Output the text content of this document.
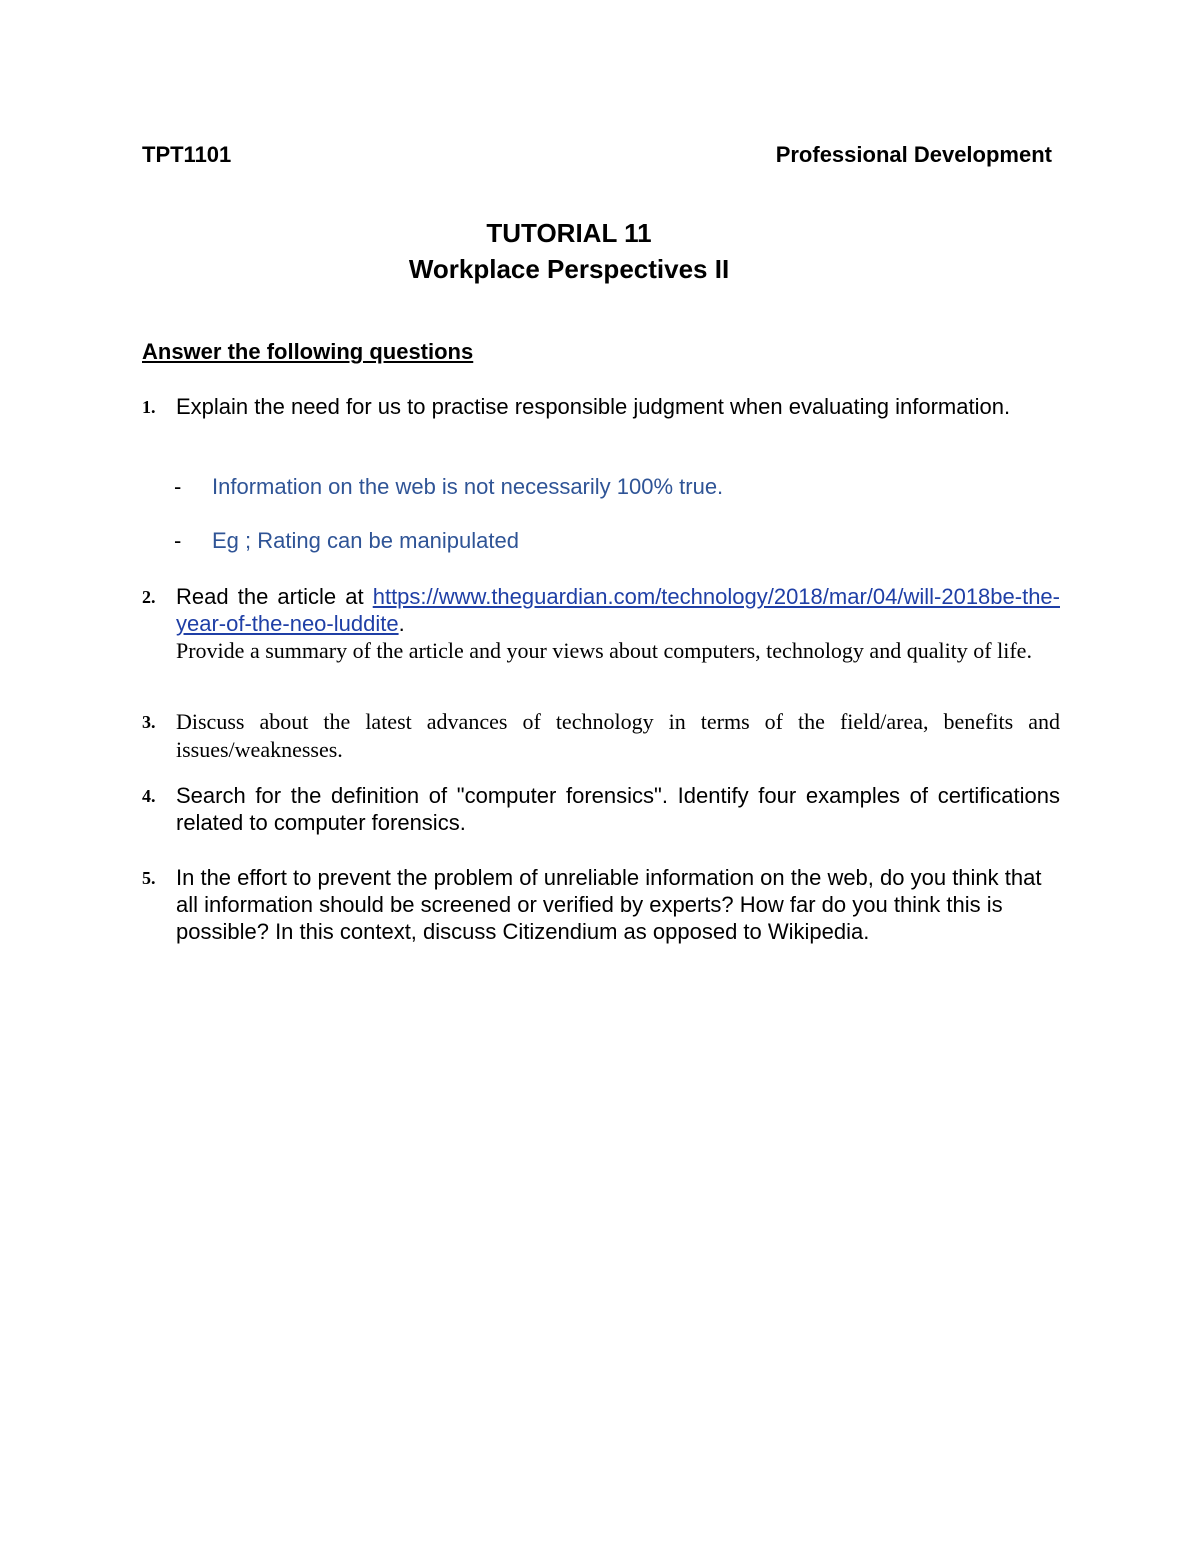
TPT1101	Professional Development
TUTORIAL 11
Workplace Perspectives II
Answer the following questions
1. Explain the need for us to practise responsible judgment when evaluating information.
- Information on the web is not necessarily 100% true.
- Eg ; Rating can be manipulated
2. Read the article at https://www.theguardian.com/technology/2018/mar/04/will-2018be-the-year-of-the-neo-luddite.
Provide a summary of the article and your views about computers, technology and quality of life.
3. Discuss about the latest advances of technology in terms of the field/area, benefits and issues/weaknesses.
4. Search for the definition of "computer forensics". Identify four examples of certifications related to computer forensics.
5. In the effort to prevent the problem of unreliable information on the web, do you think that all information should be screened or verified by experts? How far do you think this is possible? In this context, discuss Citizendium as opposed to Wikipedia.
